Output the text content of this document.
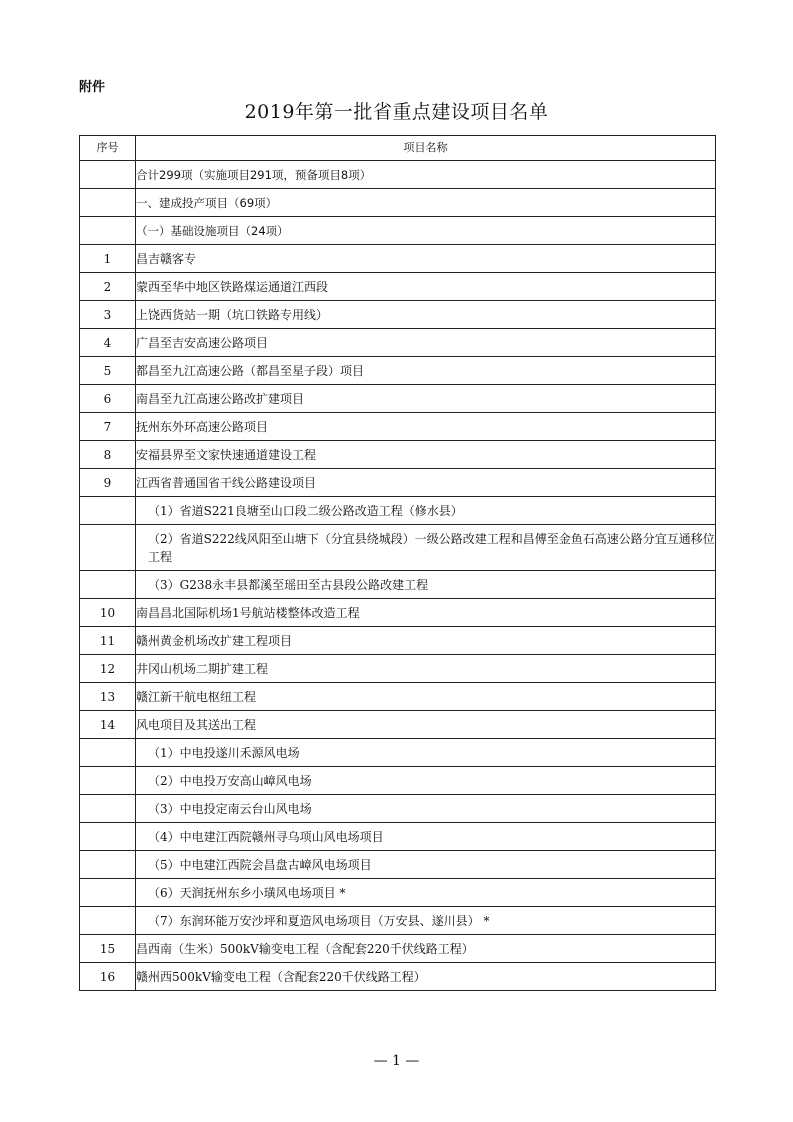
附件
2019年第一批省重点建设项目名单
序号	项目名称
	合计299项（实施项目291项，预备项目8项）
	一、建成投产项目（69项）
	（一）基础设施项目（24项）
1	昌吉赣客专
2	蒙西至华中地区铁路煤运通道江西段
3	上饶西货站一期（坑口铁路专用线）
4	广昌至吉安高速公路项目
5	都昌至九江高速公路（都昌至星子段）项目
6	南昌至九江高速公路改扩建项目
7	抚州东外环高速公路项目
8	安福县界至文家快速通道建设工程
9	江西省普通国省干线公路建设项目
	（1）省道S221良塘至山口段二级公路改造工程（修水县）
	（2）省道S222线风阳至山塘下（分宜县绕城段）一级公路改建工程和昌傅至金鱼石高速公路分宜互通移位工程
	（3）G238永丰县都溪至瑶田至古县段公路改建工程
10	南昌昌北国际机场1号航站楼整体改造工程
11	赣州黄金机场改扩建工程项目
12	井冈山机场二期扩建工程
13	赣江新干航电枢纽工程
14	风电项目及其送出工程
	（1）中电投遂川禾源风电场
	（2）中电投万安高山嶂风电场
	（3）中电投定南云台山风电场
	（4）中电建江西院赣州寻乌项山风电场项目
	（5）中电建江西院会昌盘古嶂风电场项目
	（6）天润抚州东乡小璜风电场项目 *
	（7）东润环能万安沙坪和夏造风电场项目（万安县、遂川县） *
15	昌西南（生米）500kV输变电工程（含配套220千伏线路工程）
16	赣州西500kV输变电工程（含配套220千伏线路工程）
— 1 —
